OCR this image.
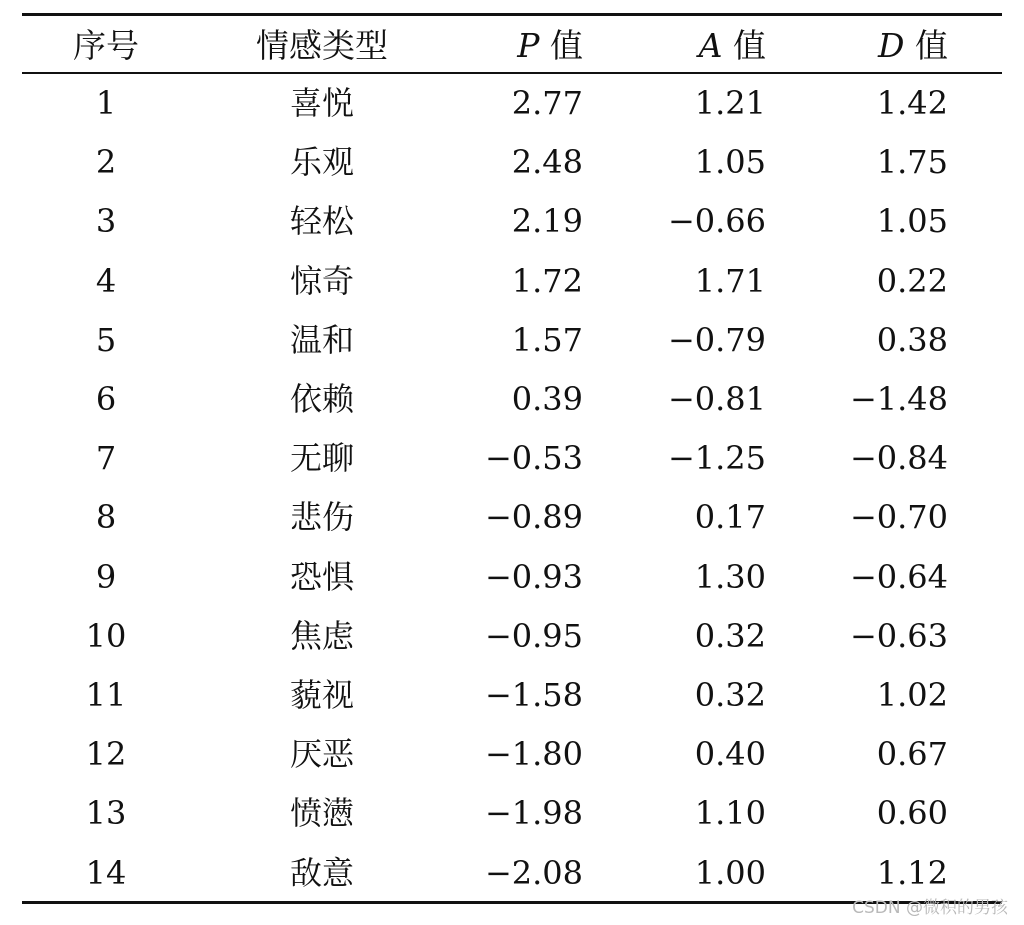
序号	情感类型	P 值	A 值	D 值
1	喜悦	2.77	1.21	1.42
2	乐观	2.48	1.05	1.75
3	轻松	2.19	−0.66	1.05
4	惊奇	1.72	1.71	0.22
5	温和	1.57	−0.79	0.38
6	依赖	0.39	−0.81	−1.48
7	无聊	−0.53	−1.25	−0.84
8	悲伤	−0.89	0.17	−0.70
9	恐惧	−0.93	1.30	−0.64
10	焦虑	−0.95	0.32	−0.63
11	藐视	−1.58	0.32	1.02
12	厌恶	−1.80	0.40	0.67
13	愤懑	−1.98	1.10	0.60
14	敌意	−2.08	1.00	1.12
CSDN @微积的男孩
